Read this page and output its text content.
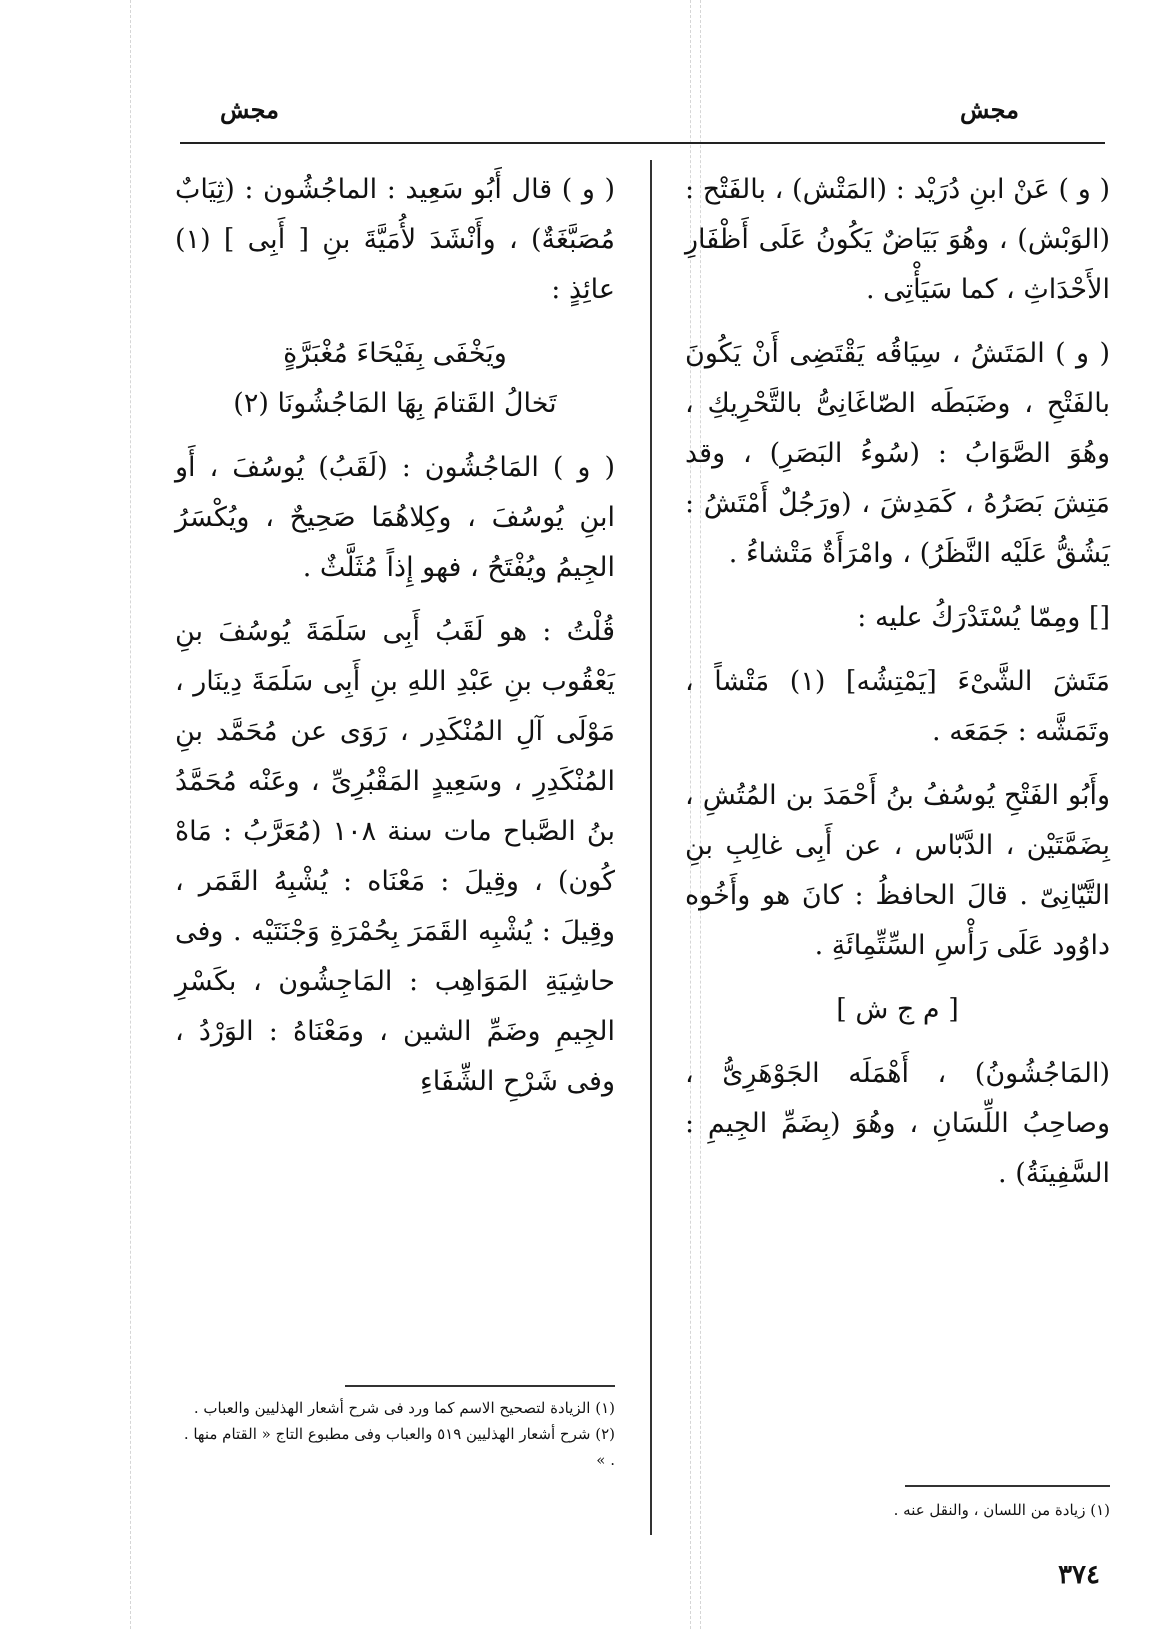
مجش	مجش

( و ) عَنْ ابنِ دُرَيْد : (المَتْش) ، بالفَتْح : (الوَبْش) ، وهُوَ بَيَاضٌ يَكُونُ عَلَى أَظْفَارِ الأَحْدَاثِ ، كما سَيَأْتِى .

( و ) المَتَشُ ، سِيَاقُه يَقْتَضِى أَنْ يَكُونَ بالفَتْحِ ، وضَبَطَه الصّاغَانِىُّ بالتَّحْرِيكِ ، وهُوَ الصَّوَابُ : (سُوءُ البَصَرِ) ، وقد مَتِشَ بَصَرُهُ ، كَمَدِشَ ، (ورَجُلٌ أَمْتَشُ : يَشُقُّ عَلَيْه النَّظَرُ) ، وامْرَأَةٌ مَتْشاءُ .

[] ومِمّا يُسْتَدْرَكُ عليه :

مَتَشَ الشَّىْءَ [يَمْتِشُه] (١) مَتْشاً ، وتَمَشَّه : جَمَعَه .

وأَبُو الفَتْحِ يُوسُفُ بنُ أَحْمَدَ بن المُتُشِ ، بِضَمَّتَيْن ، الدَّبّاس ، عن أَبِى غالِبِ بنِ التَّيّانِىّ . قالَ الحافظُ : كانَ هو وأَخُوه داوُود عَلَى رَأْسِ السِّتِّمِائَةِ .

[ م ج ش ]

(المَاجُشُونُ) ، أَهْمَلَه الجَوْهَرِىُّ ، وصاحِبُ اللِّسَانِ ، وهُوَ (بِضَمِّ الجِيمِ : السَّفِينَةُ) .

( و ) قال أَبُو سَعِيد : الماجُشُون : (ثِيَابٌ مُصَبَّغَةٌ) ، وأَنْشَدَ لأُمَيَّةَ بنِ [ أَبِى ] (١) عائِذٍ :

ويَخْفَى بِفَيْحَاءَ مُغْبَرَّةٍ
تَخالُ القَتامَ بِهَا المَاجُشُونَا (٢)

( و ) المَاجُشُون : (لَقَبُ) يُوسُفَ ، أَو ابنِ يُوسُفَ ، وكِلاهُمَا صَحِيحٌ ، ويُكْسَرُ الجِيمُ ويُفْتَحُ ، فهو إِذاً مُثَلَّثٌ .

قُلْتُ : هو لَقَبُ أَبِى سَلَمَةَ يُوسُفَ بنِ يَعْقُوب بنِ عَبْدِ اللهِ بنِ أَبِى سَلَمَةَ دِينَار ، مَوْلَى آلِ المُنْكَدِر ، رَوَى عن مُحَمَّد بنِ المُنْكَدِرِ ، وسَعِيدٍ المَقْبُرِىِّ ، وعَنْه مُحَمَّدُ بنُ الصَّباح مات سنة ١٠٨ (مُعَرَّبُ : مَاهْ كُون) ، وقِيلَ : مَعْنَاه : يُشْبِهُ القَمَر ، وقِيلَ : يُشْبِه القَمَرَ بِحُمْرَةِ وَجْنَتَيْه . وفى حاشِيَةِ المَوَاهِب : المَاجِشُون ، بكَسْرِ الجِيمِ وضَمِّ الشين ، ومَعْنَاهُ : الوَرْدُ ، وفى شَرْحِ الشِّفَاءِ

(١) الزيادة لتصحيح الاسم كما ورد فى شرح أشعار الهذليين والعباب .

(٢) شرح أشعار الهذليين ٥١٩ والعباب وفى مطبوع التاج « القتام منها . . »

(١) زيادة من اللسان ، والنقل عنه .

٣٧٤
